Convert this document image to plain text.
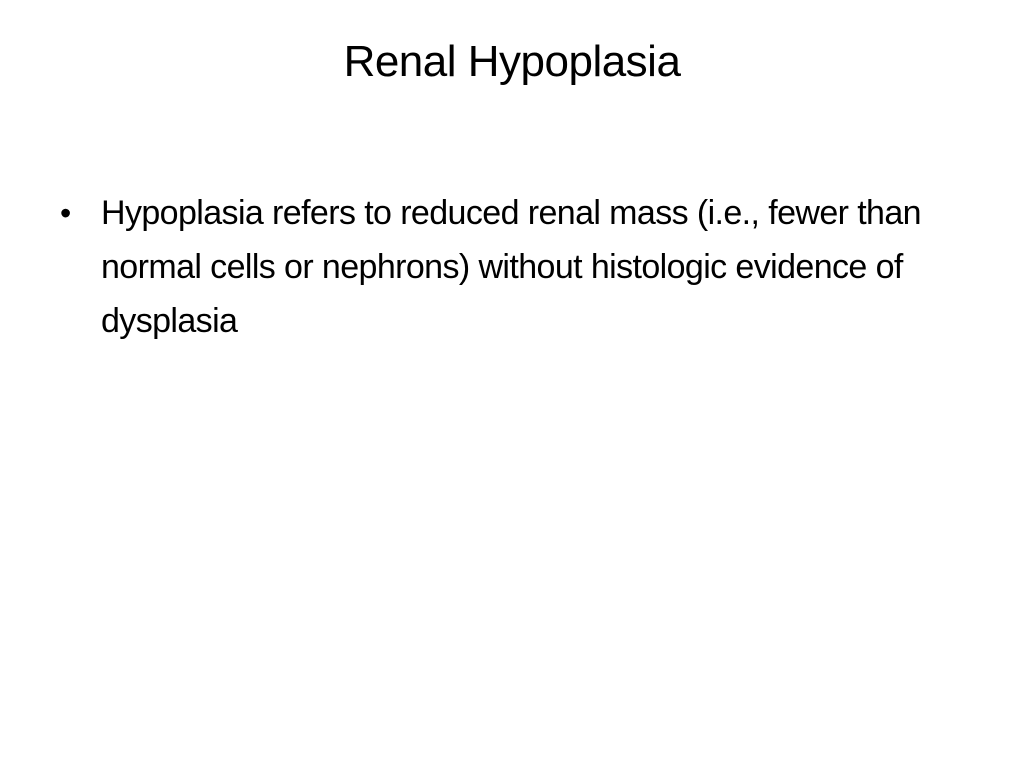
Renal Hypoplasia
• Hypoplasia refers to reduced renal mass (i.e., fewer than normal cells or nephrons) without histologic evidence of dysplasia
